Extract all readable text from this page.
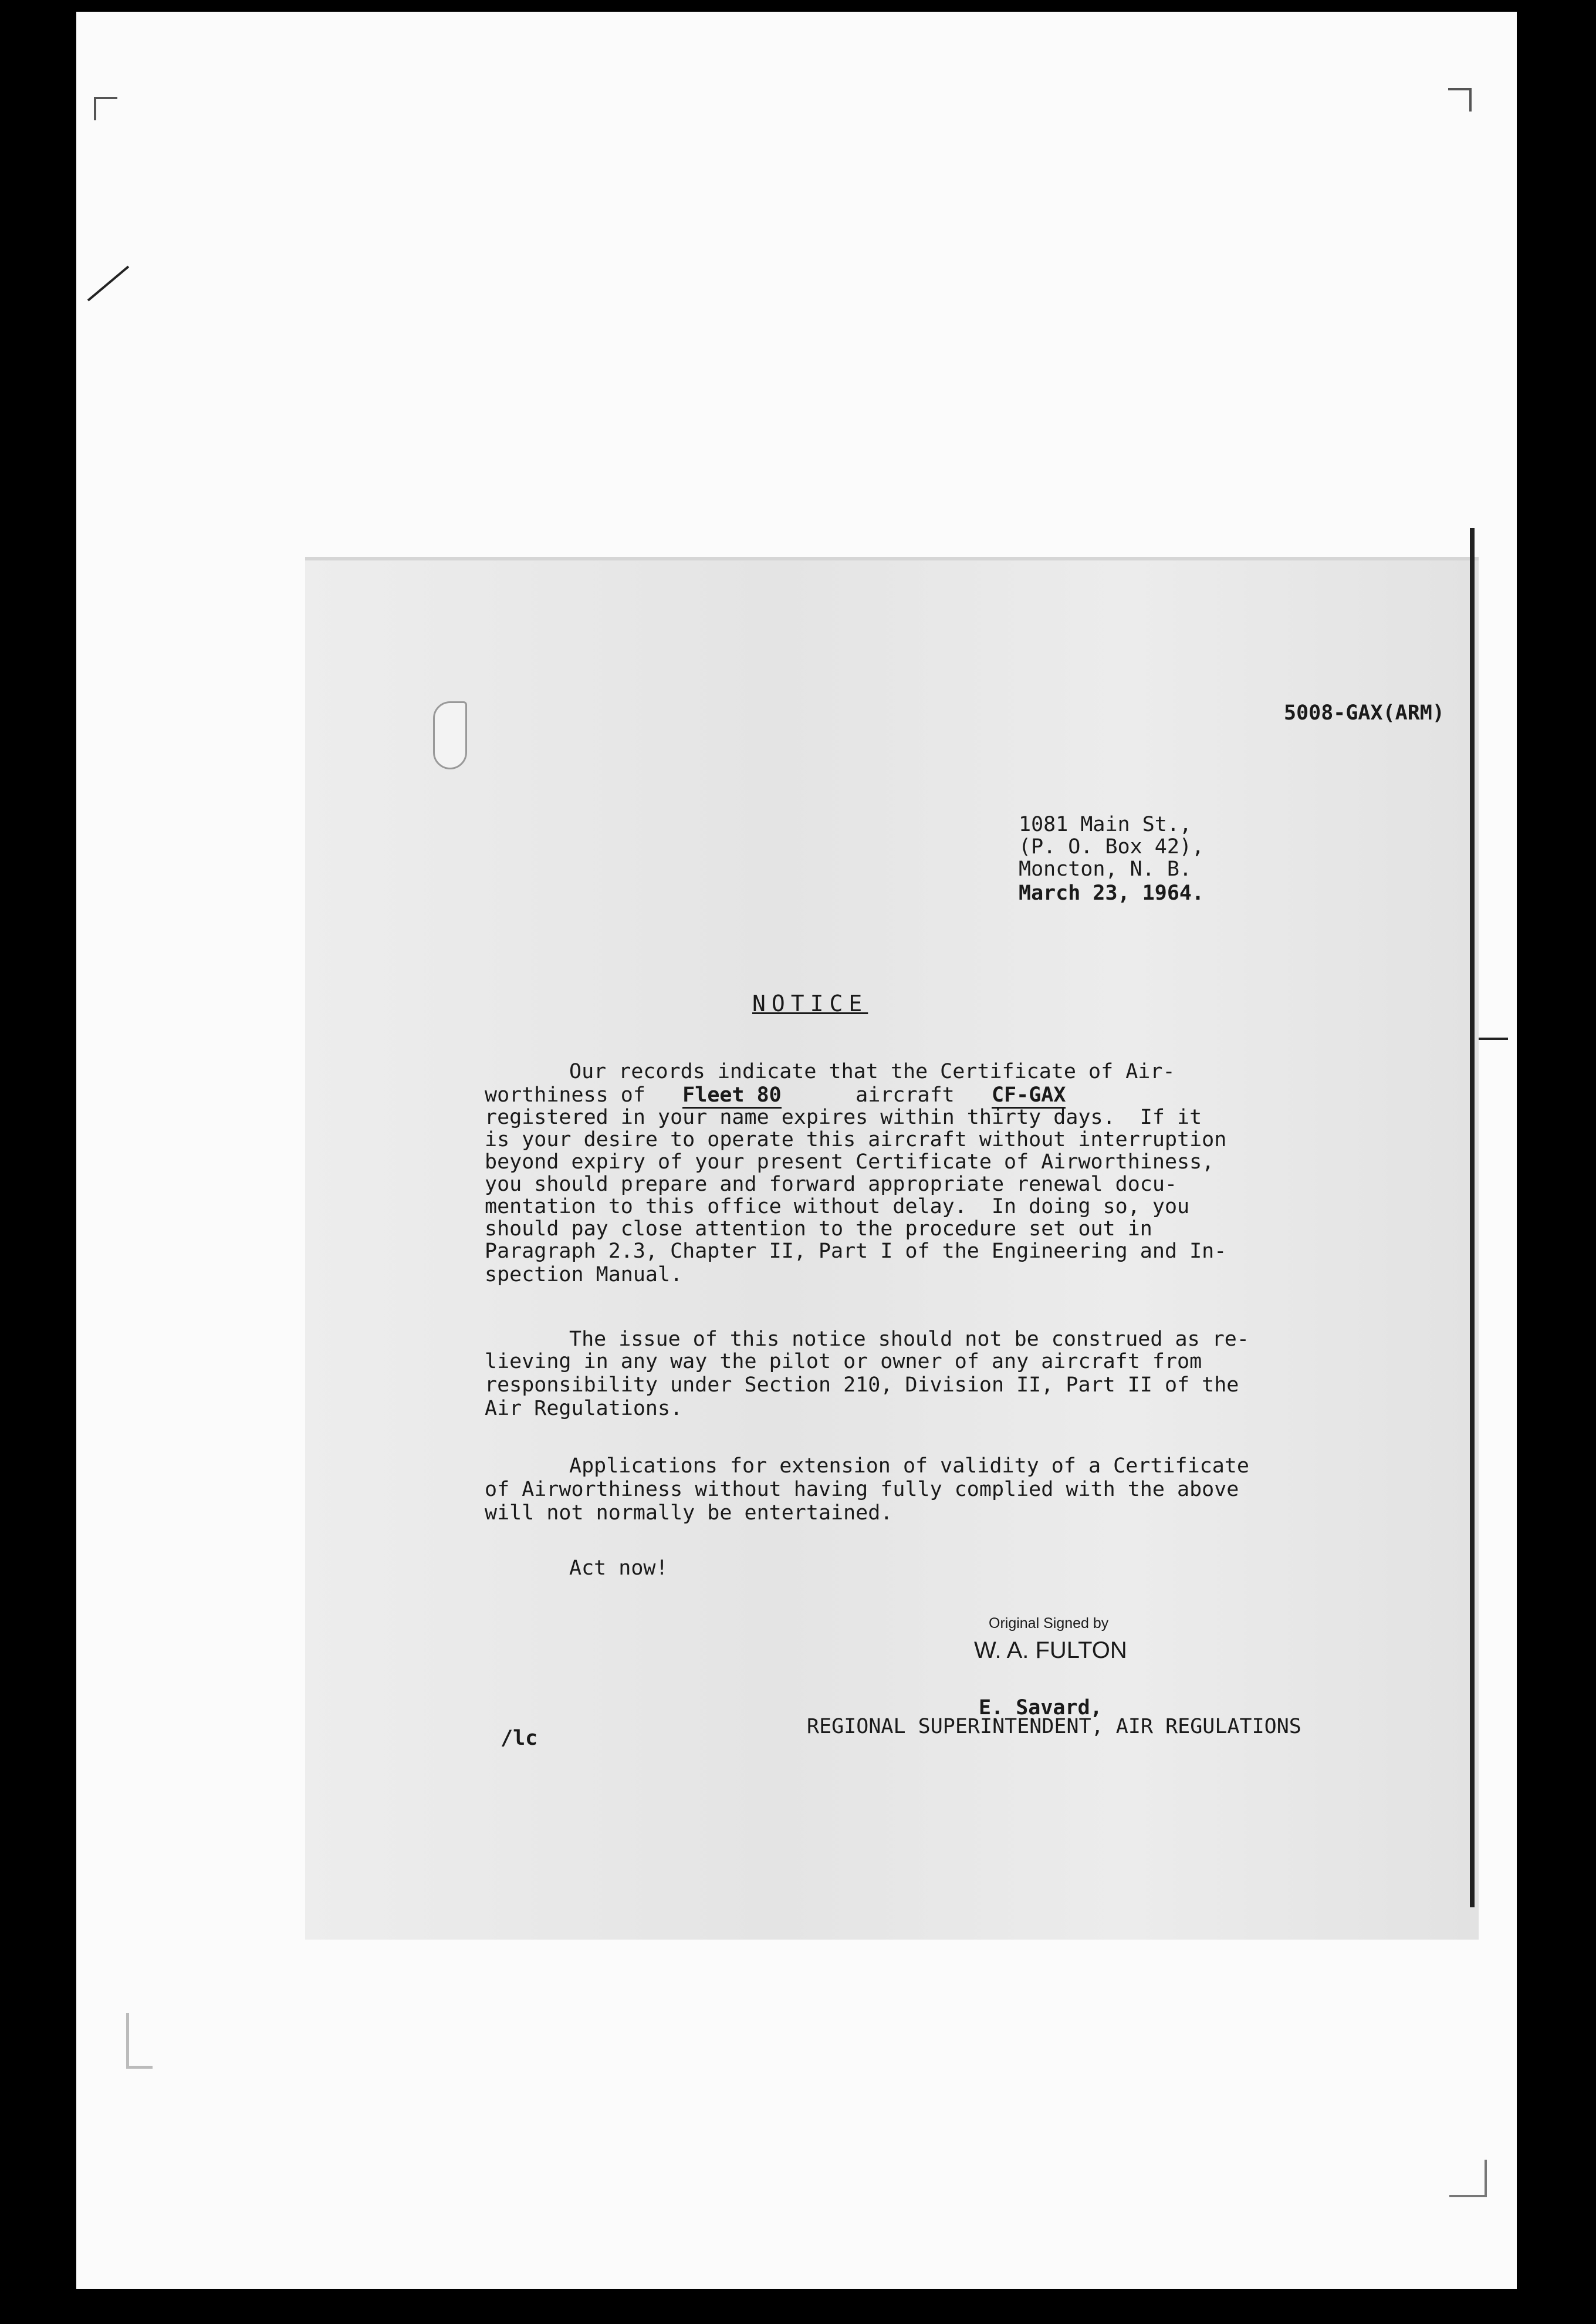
5008-GAX(ARM)
1081 Main St.,
(P. O. Box 42),
Moncton, N. B.
March 23, 1964.
NOTICE
Our records indicate that the Certificate of Air-
worthiness of   Fleet 80	aircraft   CF-GAX
registered in your name expires within thirty days.  If it
is your desire to operate this aircraft without interruption
beyond expiry of your present Certificate of Airworthiness,
you should prepare and forward appropriate renewal docu-
mentation to this office without delay.  In doing so, you
should pay close attention to the procedure set out in
Paragraph 2.3, Chapter II, Part I of the Engineering and In-
spection Manual.
The issue of this notice should not be construed as re-
lieving in any way the pilot or owner of any aircraft from
responsibility under Section 210, Division II, Part II of the
Air Regulations.
Applications for extension of validity of a Certificate
of Airworthiness without having fully complied with the above
will not normally be entertained.
Act now!
Original Signed by
W. A. FULTON
E. Savard,
REGIONAL SUPERINTENDENT, AIR REGULATIONS
/lc
